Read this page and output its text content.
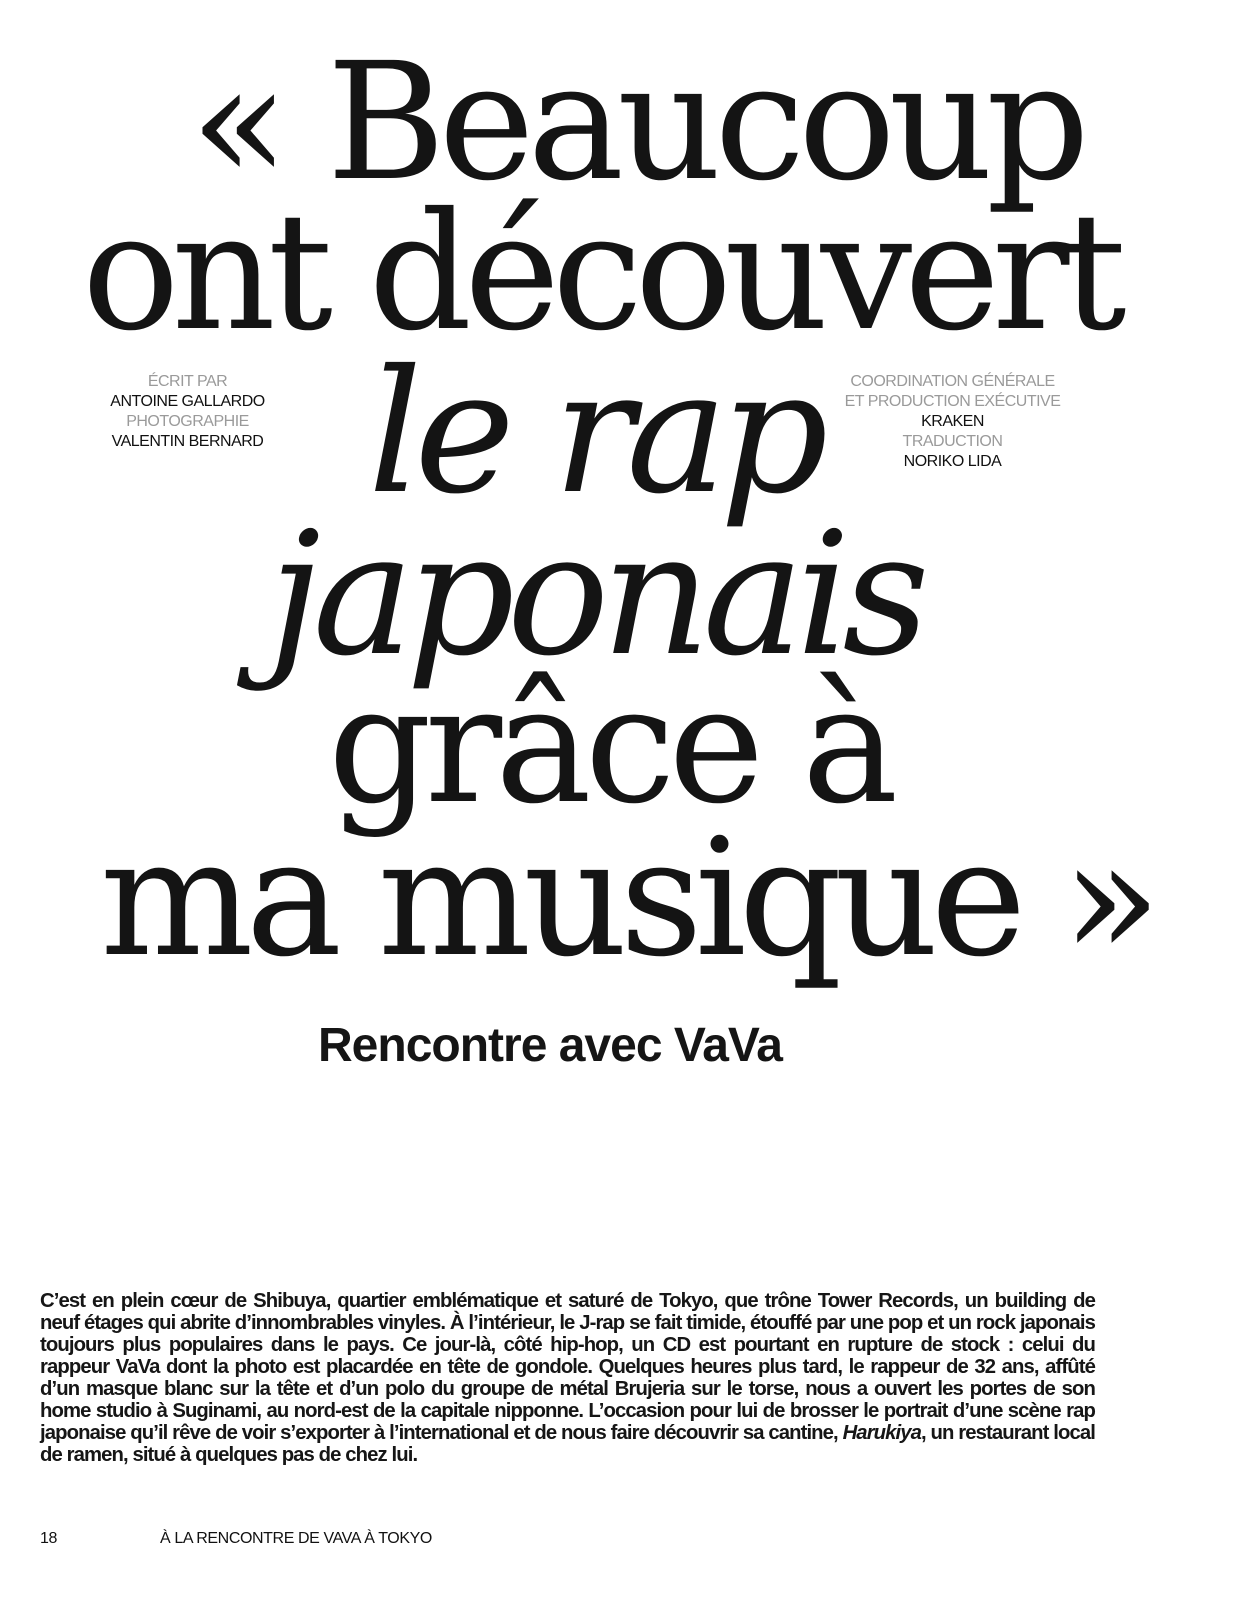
« Beaucoup
ont découvert
le rap
japonais
grâce à
ma musique »
ÉCRIT PAR
ANTOINE GALLARDO
PHOTOGRAPHIE
VALENTIN BERNARD
COORDINATION GÉNÉRALE
ET PRODUCTION EXÉCUTIVE
KRAKEN
TRADUCTION
NORIKO LIDA
Rencontre avec VaVa

C’est en plein cœur de Shibuya, quartier emblématique et saturé de Tokyo, que trône Tower Records, un building de neuf étages qui abrite d’innombrables vinyles. À l’intérieur, le J-rap se fait timide, étouffé par une pop et un rock japonais toujours plus populaires dans le pays. Ce jour-là, côté hip-hop, un CD est pourtant en rupture de stock : celui du rappeur VaVa dont la photo est placardée en tête de gondole. Quelques heures plus tard, le rappeur de 32 ans, affûté d’un masque blanc sur la tête et d’un polo du groupe de métal Brujeria sur le torse, nous a ouvert les portes de son home studio à Suginami, au nord-est de la capitale nipponne. L’occasion pour lui de brosser le portrait d’une scène rap japonaise qu’il rêve de voir s’exporter à l’international et de nous faire découvrir sa cantine, Harukiya, un restaurant local de ramen, situé à quelques pas de chez lui.

18	À LA RENCONTRE DE VAVA À TOKYO
